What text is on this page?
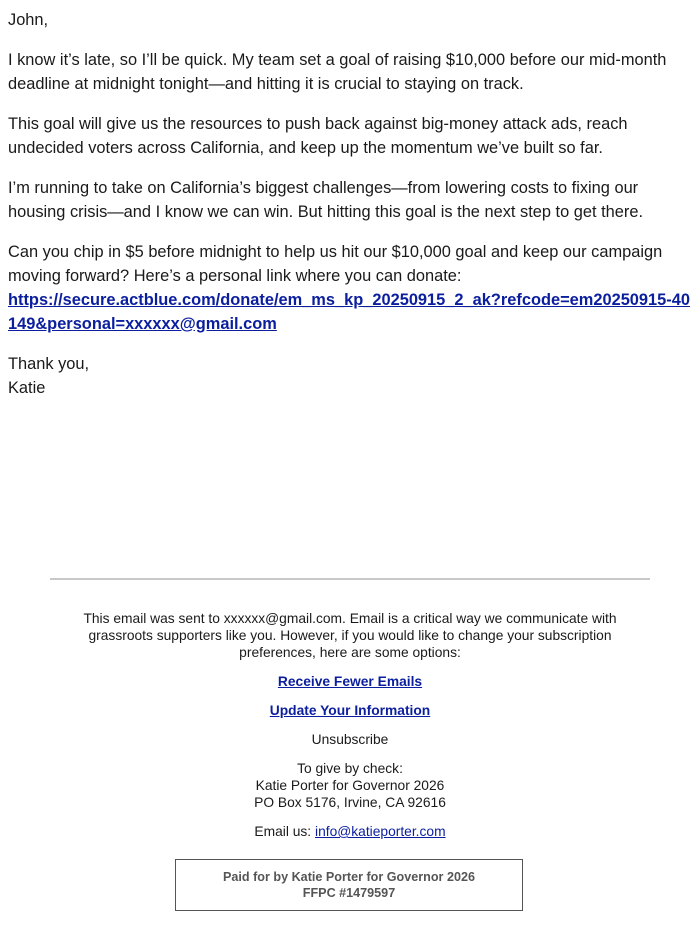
John,

I know it’s late, so I’ll be quick. My team set a goal of raising $10,000 before our mid-month deadline at midnight tonight—and hitting it is crucial to staying on track.

This goal will give us the resources to push back against big-money attack ads, reach undecided voters across California, and keep up the momentum we’ve built so far.

I’m running to take on California’s biggest challenges—from lowering costs to fixing our housing crisis—and I know we can win. But hitting this goal is the next step to get there.

Can you chip in $5 before midnight to help us hit our $10,000 goal and keep our campaign moving forward? Here’s a personal link where you can donate:
https://secure.actblue.com/donate/em_ms_kp_20250915_2_ak?refcode=em20250915-40149&personal=xxxxxx@gmail.com

Thank you,
Katie

This email was sent to xxxxxx@gmail.com. Email is a critical way we communicate with grassroots supporters like you. However, if you would like to change your subscription preferences, here are some options:
Receive Fewer Emails
Update Your Information
Unsubscribe
To give by check:
Katie Porter for Governor 2026
PO Box 5176, Irvine, CA 92616
Email us: info@katieporter.com
Paid for by Katie Porter for Governor 2026
FFPC #1479597
